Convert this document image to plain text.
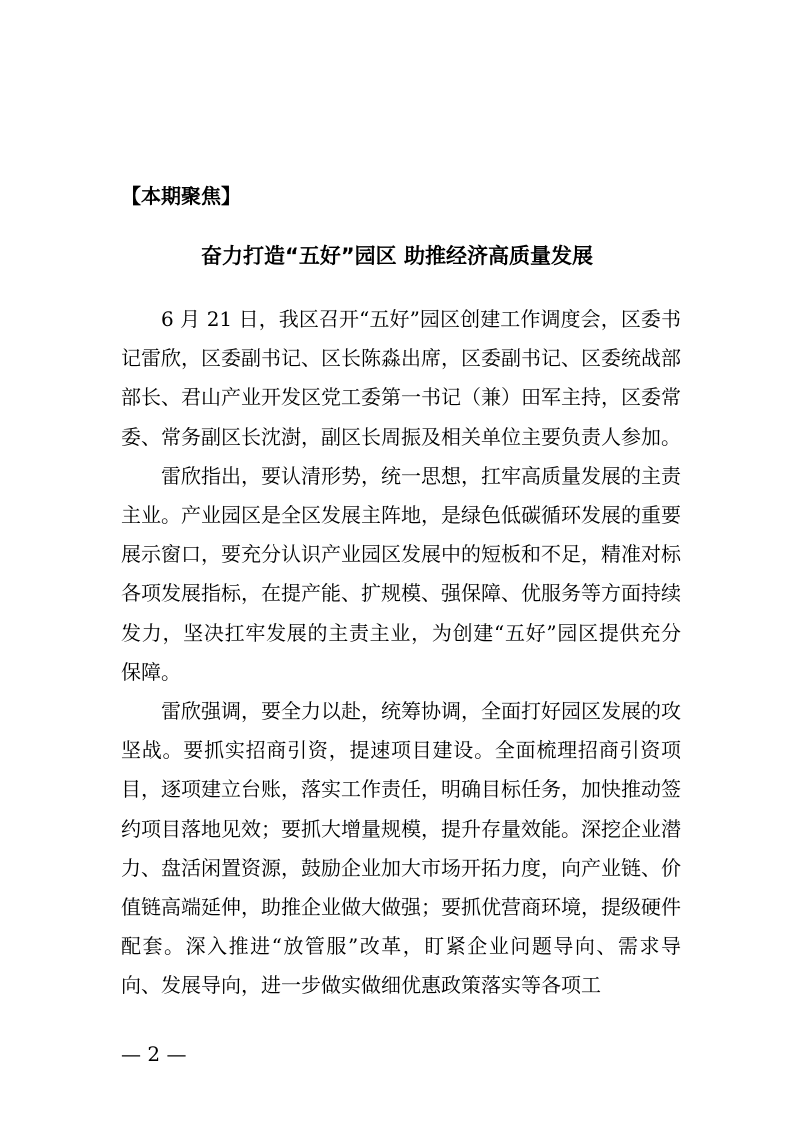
【本期聚焦】
奋力打造“五好”园区 助推经济高质量发展

6 月 21 日，我区召开“五好”园区创建工作调度会，区委书记雷欣，区委副书记、区长陈淼出席，区委副书记、区委统战部部长、君山产业开发区党工委第一书记（兼）田军主持，区委常委、常务副区长沈澍，副区长周振及相关单位主要负责人参加。

雷欣指出，要认清形势，统一思想，扛牢高质量发展的主责主业。产业园区是全区发展主阵地，是绿色低碳循环发展的重要展示窗口，要充分认识产业园区发展中的短板和不足，精准对标各项发展指标，在提产能、扩规模、强保障、优服务等方面持续发力，坚决扛牢发展的主责主业，为创建“五好”园区提供充分保障。

雷欣强调，要全力以赴，统筹协调，全面打好园区发展的攻坚战。要抓实招商引资，提速项目建设。全面梳理招商引资项目，逐项建立台账，落实工作责任，明确目标任务，加快推动签约项目落地见效；要抓大增量规模，提升存量效能。深挖企业潜力、盘活闲置资源，鼓励企业加大市场开拓力度，向产业链、价值链高端延伸，助推企业做大做强；要抓优营商环境，提级硬件配套。深入推进“放管服”改革，盯紧企业问题导向、需求导向、发展导向，进一步做实做细优惠政策落实等各项工

— 2 —
